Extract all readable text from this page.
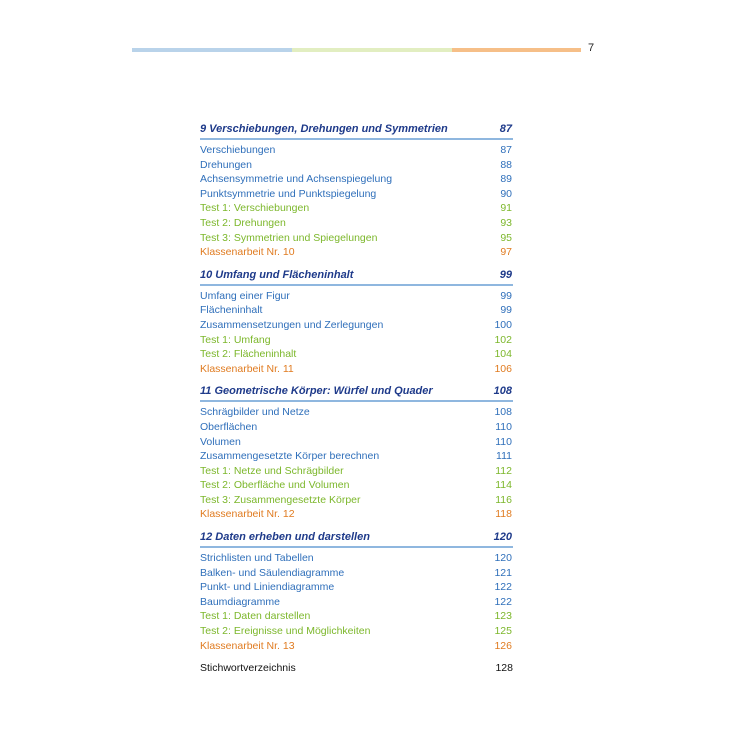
7
9 Verschiebungen, Drehungen und Symmetrien	87
Verschiebungen	87
Drehungen	88
Achsensymmetrie und Achsenspiegelung	89
Punktsymmetrie und Punktspiegelung	90
Test 1: Verschiebungen	91
Test 2: Drehungen	93
Test 3: Symmetrien und Spiegelungen	95
Klassenarbeit Nr. 10	97
10 Umfang und Flächeninhalt	99
Umfang einer Figur	99
Flächeninhalt	99
Zusammensetzungen und Zerlegungen	100
Test 1: Umfang	102
Test 2: Flächeninhalt	104
Klassenarbeit Nr. 11	106
11 Geometrische Körper: Würfel und Quader	108
Schrägbilder und Netze	108
Oberflächen	110
Volumen	110
Zusammengesetzte Körper berechnen	111
Test 1: Netze und Schrägbilder	112
Test 2: Oberfläche und Volumen	114
Test 3: Zusammengesetzte Körper	116
Klassenarbeit Nr. 12	118
12 Daten erheben und darstellen	120
Strichlisten und Tabellen	120
Balken- und Säulendiagramme	121
Punkt- und Liniendiagramme	122
Baumdiagramme	122
Test 1: Daten darstellen	123
Test 2: Ereignisse und Möglichkeiten	125
Klassenarbeit Nr. 13	126
Stichwortverzeichnis	128
